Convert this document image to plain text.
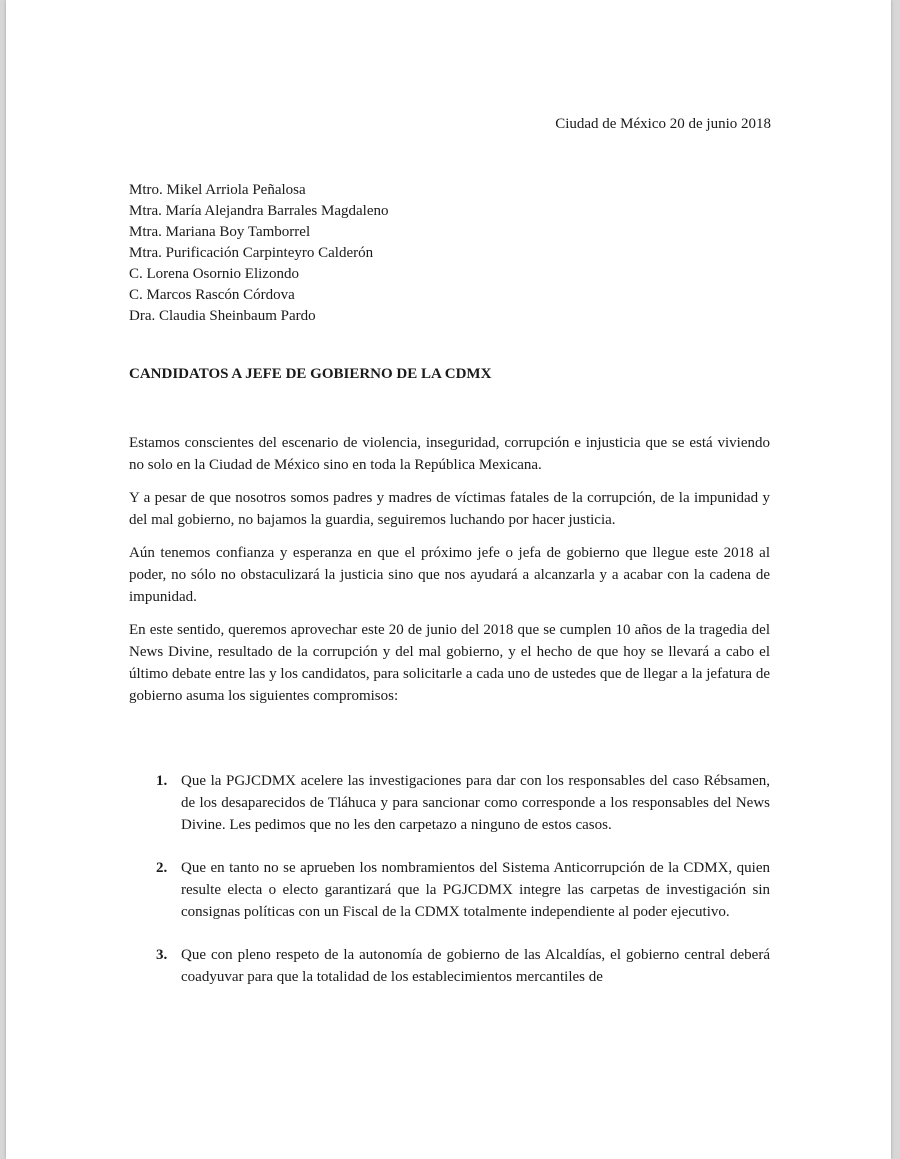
Ciudad de México 20 de junio 2018
Mtro. Mikel Arriola Peñalosa
Mtra. María Alejandra Barrales Magdaleno
Mtra. Mariana Boy Tamborrel
Mtra. Purificación Carpinteyro Calderón
C. Lorena Osornio Elizondo
C. Marcos Rascón Córdova
Dra. Claudia Sheinbaum Pardo
CANDIDATOS A JEFE DE GOBIERNO DE LA CDMX

Estamos conscientes del escenario de violencia, inseguridad, corrupción e injusticia que se está viviendo no solo en la Ciudad de México sino en toda la República Mexicana.

Y a pesar de que nosotros somos padres y madres de víctimas fatales de la corrupción, de la impunidad y del mal gobierno, no bajamos la guardia, seguiremos luchando por hacer justicia.

Aún tenemos confianza y esperanza en que el próximo jefe o jefa de gobierno que llegue este 2018 al poder, no sólo no obstaculizará la justicia sino que nos ayudará a alcanzarla y a acabar con la cadena de impunidad.

En este sentido, queremos aprovechar este 20 de junio del 2018 que se cumplen 10 años de la tragedia del News Divine, resultado de la corrupción y del mal gobierno, y el hecho de que hoy se llevará a cabo el último debate entre las y los candidatos, para solicitarle a cada uno de ustedes que de llegar a la jefatura de gobierno asuma los siguientes compromisos:

1. Que la PGJCDMX acelere las investigaciones para dar con los responsables del caso Rébsamen, de los desaparecidos de Tláhuca y para sancionar como corresponde a los responsables del News Divine. Les pedimos que no les den carpetazo a ninguno de estos casos.
2. Que en tanto no se aprueben los nombramientos del Sistema Anticorrupción de la CDMX, quien resulte electa o electo garantizará que la PGJCDMX integre las carpetas de investigación sin consignas políticas con un Fiscal de la CDMX totalmente independiente al poder ejecutivo.
3. Que con pleno respeto de la autonomía de gobierno de las Alcaldías, el gobierno central deberá coadyuvar para que la totalidad de los establecimientos mercantiles de
